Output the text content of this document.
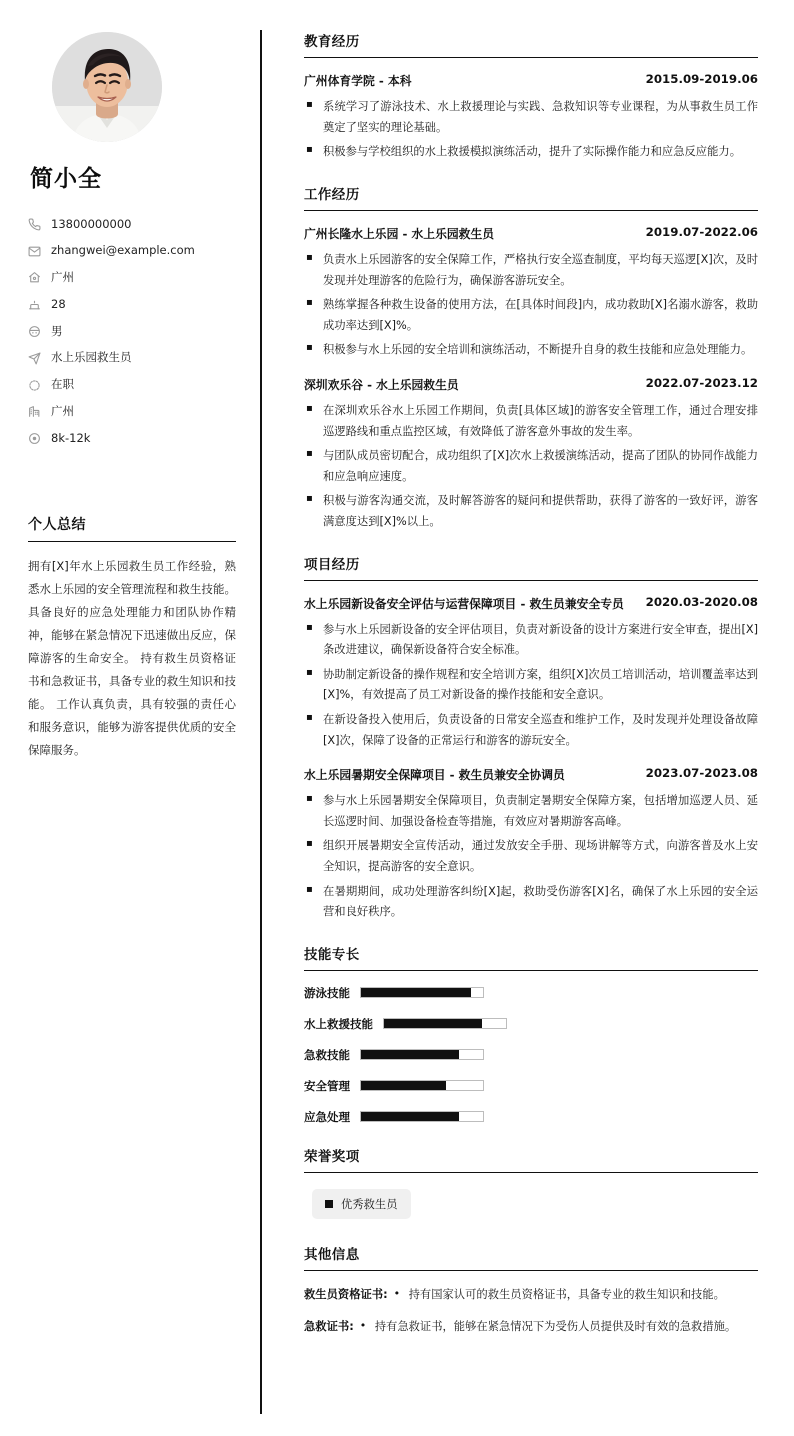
简小全
13800000000
zhangwei@example.com
广州
28
男
水上乐园救生员
在职
广州
8k-12k
个人总结

拥有[X]年水上乐园救生员工作经验，熟悉水上乐园的安全管理流程和救生技能。 具备良好的应急处理能力和团队协作精神，能够在紧急情况下迅速做出反应，保障游客的生命安全。 持有救生员资格证书和急救证书，具备专业的救生知识和技能。 工作认真负责，具有较强的责任心和服务意识，能够为游客提供优质的安全保障服务。

教育经历
广州体育学院 - 本科	2015.09-2019.06
▪ 系统学习了游泳技术、水上救援理论与实践、急救知识等专业课程，为从事救生员工作奠定了坚实的理论基础。
▪ 积极参与学校组织的水上救援模拟演练活动，提升了实际操作能力和应急反应能力。
工作经历
广州长隆水上乐园 - 水上乐园救生员	2019.07-2022.06
▪ 负责水上乐园游客的安全保障工作，严格执行安全巡查制度，平均每天巡逻[X]次，及时发现并处理游客的危险行为，确保游客游玩安全。
▪ 熟练掌握各种救生设备的使用方法，在[具体时间段]内，成功救助[X]名溺水游客，救助成功率达到[X]%。
▪ 积极参与水上乐园的安全培训和演练活动，不断提升自身的救生技能和应急处理能力。
深圳欢乐谷 - 水上乐园救生员	2022.07-2023.12
▪ 在深圳欢乐谷水上乐园工作期间，负责[具体区域]的游客安全管理工作，通过合理安排巡逻路线和重点监控区域，有效降低了游客意外事故的发生率。
▪ 与团队成员密切配合，成功组织了[X]次水上救援演练活动，提高了团队的协同作战能力和应急响应速度。
▪ 积极与游客沟通交流，及时解答游客的疑问和提供帮助，获得了游客的一致好评，游客满意度达到[X]%以上。
项目经历
水上乐园新设备安全评估与运营保障项目 - 救生员兼安全专员	2020.03-2020.08
▪ 参与水上乐园新设备的安全评估项目，负责对新设备的设计方案进行安全审查，提出[X]条改进建议，确保新设备符合安全标准。
▪ 协助制定新设备的操作规程和安全培训方案，组织[X]次员工培训活动，培训覆盖率达到[X]%，有效提高了员工对新设备的操作技能和安全意识。
▪ 在新设备投入使用后，负责设备的日常安全巡查和维护工作，及时发现并处理设备故障[X]次，保障了设备的正常运行和游客的游玩安全。
水上乐园暑期安全保障项目 - 救生员兼安全协调员	2023.07-2023.08
▪ 参与水上乐园暑期安全保障项目，负责制定暑期安全保障方案，包括增加巡逻人员、延长巡逻时间、加强设备检查等措施，有效应对暑期游客高峰。
▪ 组织开展暑期安全宣传活动，通过发放安全手册、现场讲解等方式，向游客普及水上安全知识，提高游客的安全意识。
▪ 在暑期期间，成功处理游客纠纷[X]起，救助受伤游客[X]名，确保了水上乐园的安全运营和良好秩序。
技能专长
游泳技能
水上救援技能
急救技能
安全管理
应急处理
荣誉奖项
优秀救生员
其他信息
救生员资格证书:	• 持有国家认可的救生员资格证书，具备专业的救生知识和技能。
急救证书:	• 持有急救证书，能够在紧急情况下为受伤人员提供及时有效的急救措施。
